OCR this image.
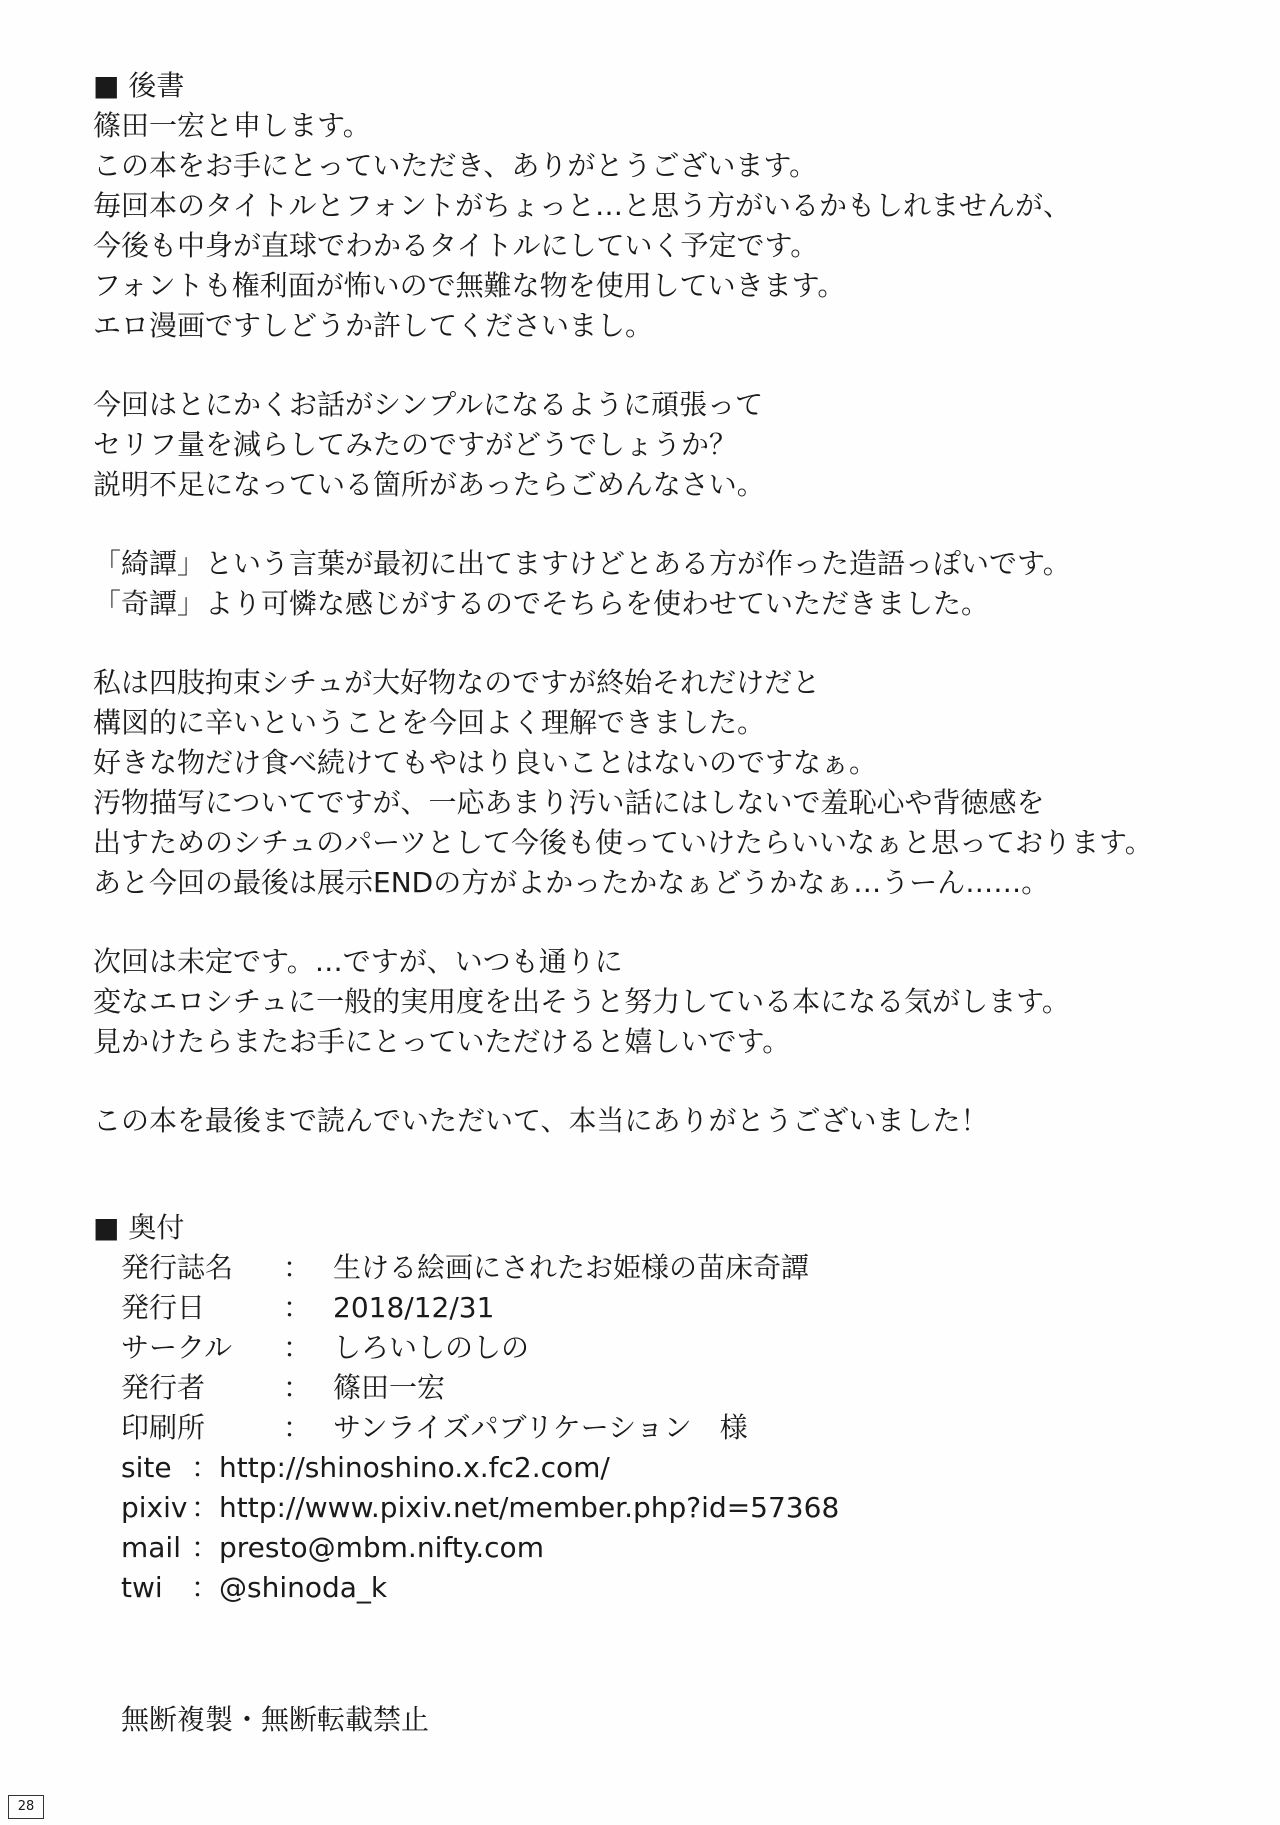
■ 後書
篠田一宏と申します。
この本をお手にとっていただき、ありがとうございます。
毎回本のタイトルとフォントがちょっと…と思う方がいるかもしれませんが、
今後も中身が直球でわかるタイトルにしていく予定です。
フォントも権利面が怖いので無難な物を使用していきます。
エロ漫画ですしどうか許してくださいまし。
今回はとにかくお話がシンプルになるように頑張って
セリフ量を減らしてみたのですがどうでしょうか？
説明不足になっている箇所があったらごめんなさい。
「綺譚」という言葉が最初に出てますけどとある方が作った造語っぽいです。
「奇譚」より可憐な感じがするのでそちらを使わせていただきました。
私は四肢拘束シチュが大好物なのですが終始それだけだと
構図的に辛いということを今回よく理解できました。
好きな物だけ食べ続けてもやはり良いことはないのですなぁ。
汚物描写についてですが、一応あまり汚い話にはしないで羞恥心や背徳感を
出すためのシチュのパーツとして今後も使っていけたらいいなぁと思っております。
あと今回の最後は展示ENDの方がよかったかなぁどうかなぁ…うーん……。
次回は未定です。…ですが、いつも通りに
変なエロシチュに一般的実用度を出そうと努力している本になる気がします。
見かけたらまたお手にとっていただけると嬉しいです。
この本を最後まで読んでいただいて、本当にありがとうございました！
■ 奥付
発行誌名 ： 生ける絵画にされたお姫様の苗床奇譚
発行日	： 2018/12/31
サークル ： しろいしのしの
発行者	： 篠田一宏
印刷所	： サンライズパブリケーション　様
site ： http://shinoshino.x.fc2.com/
pixiv ： http://www.pixiv.net/member.php?id=57368
mail ： presto@mbm.nifty.com
twi ： @shinoda_k
無断複製・無断転載禁止
28
